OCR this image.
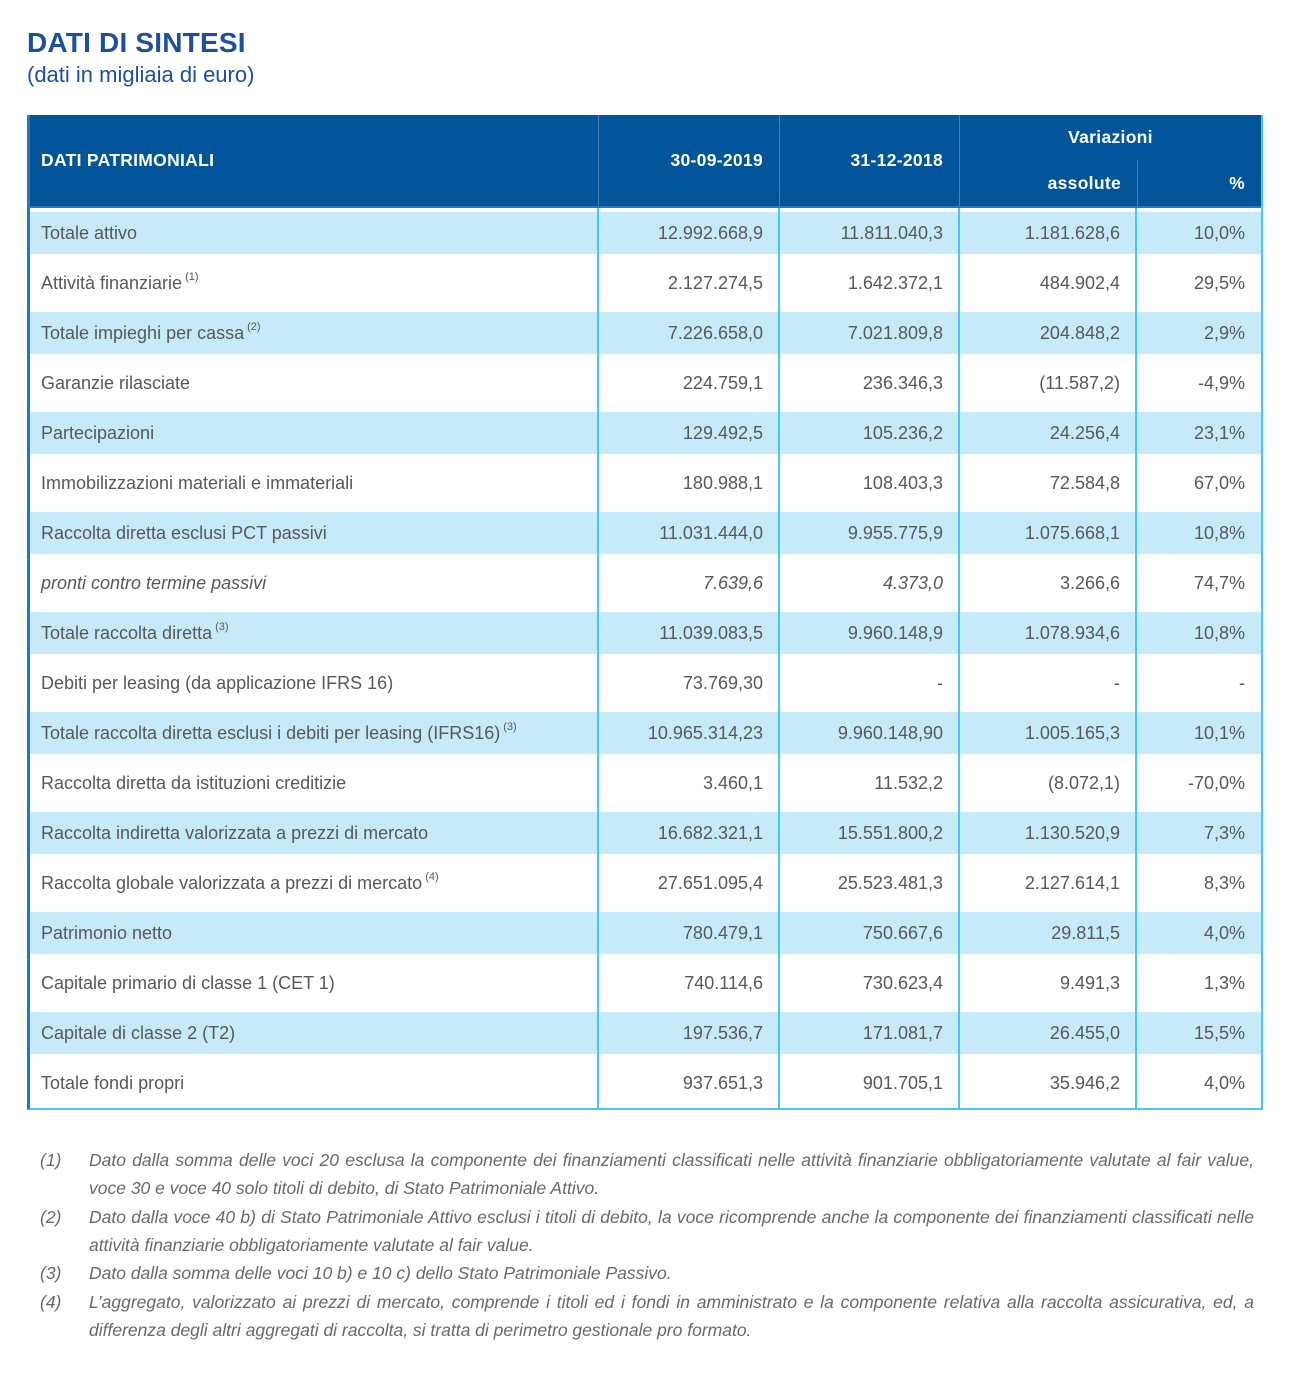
DATI DI SINTESI
(dati in migliaia di euro)
DATI PATRIMONIALI	30-09-2019	31-12-2018
Variazioni
assolute	%
Totale attivo	12.992.668,9	11.811.040,3	1.181.628,6	10,0%
Attività finanziarie (1)	2.127.274,5	1.642.372,1	484.902,4	29,5%
Totale impieghi per cassa (2)	7.226.658,0	7.021.809,8	204.848,2	2,9%
Garanzie rilasciate	224.759,1	236.346,3	(11.587,2)	-4,9%
Partecipazioni	129.492,5	105.236,2	24.256,4	23,1%
Immobilizzazioni materiali e immateriali	180.988,1	108.403,3	72.584,8	67,0%
Raccolta diretta esclusi PCT passivi	11.031.444,0	9.955.775,9	1.075.668,1	10,8%
pronti contro termine passivi	7.639,6	4.373,0	3.266,6	74,7%
Totale raccolta diretta (3)	11.039.083,5	9.960.148,9	1.078.934,6	10,8%
Debiti per leasing (da applicazione IFRS 16)	73.769,30	-	-	-
Totale raccolta diretta esclusi i debiti per leasing (IFRS16) (3)	10.965.314,23	9.960.148,90	1.005.165,3	10,1%
Raccolta diretta da istituzioni creditizie	3.460,1	11.532,2	(8.072,1)	-70,0%
Raccolta indiretta valorizzata a prezzi di mercato	16.682.321,1	15.551.800,2	1.130.520,9	7,3%
Raccolta globale valorizzata a prezzi di mercato (4)	27.651.095,4	25.523.481,3	2.127.614,1	8,3%
Patrimonio netto	780.479,1	750.667,6	29.811,5	4,0%
Capitale primario di classe 1 (CET 1)	740.114,6	730.623,4	9.491,3	1,3%
Capitale di classe 2 (T2)	197.536,7	171.081,7	26.455,0	15,5%
Totale fondi propri	937.651,3	901.705,1	35.946,2	4,0%
(1)	Dato dalla somma delle voci 20 esclusa la componente dei finanziamenti classificati nelle attività finanziarie obbligatoriamente valutate al fair value, voce 30 e voce 40 solo titoli di debito, di Stato Patrimoniale Attivo.
(2)	Dato dalla voce 40 b) di Stato Patrimoniale Attivo esclusi i titoli di debito, la voce ricomprende anche la componente dei finanziamenti classificati nelle attività finanziarie obbligatoriamente valutate al fair value.
(3)	Dato dalla somma delle voci 10 b) e 10 c) dello Stato Patrimoniale Passivo.
(4)	L’aggregato, valorizzato ai prezzi di mercato, comprende i titoli ed i fondi in amministrato e la componente relativa alla raccolta assicurativa, ed, a differenza degli altri aggregati di raccolta, si tratta di perimetro gestionale pro formato.
